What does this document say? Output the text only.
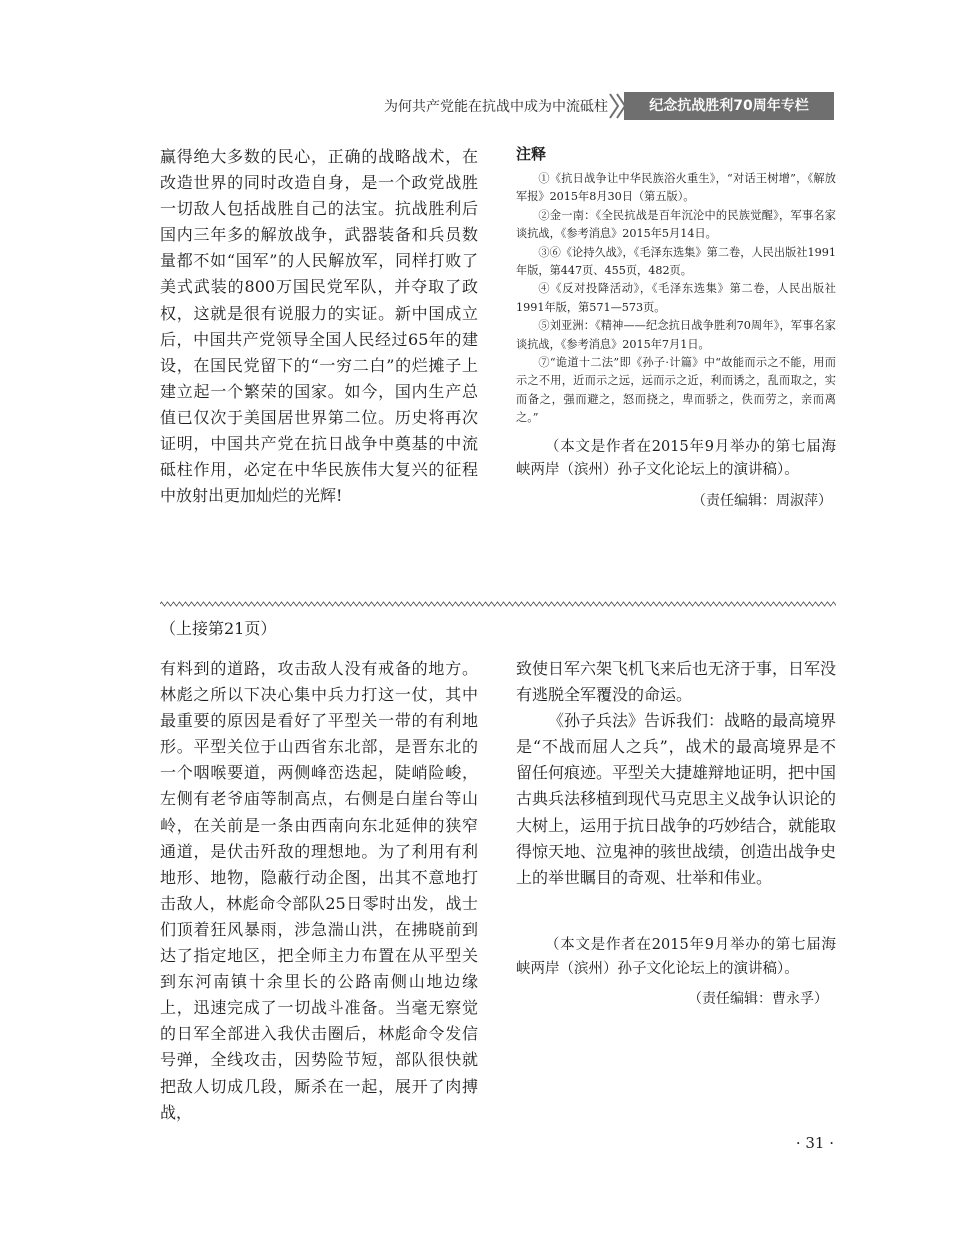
为何共产党能在抗战中成为中流砥柱	纪念抗战胜利70周年专栏

赢得绝大多数的民心，正确的战略战术，在改造世界的同时改造自身，是一个政党战胜一切敌人包括战胜自己的法宝。抗战胜利后国内三年多的解放战争，武器装备和兵员数量都不如“国军”的人民解放军，同样打败了美式武装的800万国民党军队，并夺取了政权，这就是很有说服力的实证。新中国成立后，中国共产党领导全国人民经过65年的建设，在国民党留下的“一穷二白”的烂摊子上建立起一个繁荣的国家。如今，国内生产总值已仅次于美国居世界第二位。历史将再次证明，中国共产党在抗日战争中奠基的中流砥柱作用，必定在中华民族伟大复兴的征程中放射出更加灿烂的光辉!

注释

①《抗日战争让中华民族浴火重生》，“对话王树增”，《解放军报》2015年8月30日（第五版）。

②金一南：《全民抗战是百年沉沦中的民族觉醒》，军事名家谈抗战，《参考消息》2015年5月14日。

③⑥《论持久战》，《毛泽东选集》第二卷，人民出版社1991年版，第447页、455页，482页。

④《反对投降活动》，《毛泽东选集》第二卷，人民出版社1991年版，第571—573页。

⑤刘亚洲：《精神——纪念抗日战争胜利70周年》，军事名家谈抗战，《参考消息》2015年7月1日。

⑦“诡道十二法”即《孙子·计篇》中“故能而示之不能，用而示之不用，近而示之远，远而示之近，利而诱之，乱而取之，实而备之，强而避之，怒而挠之，卑而骄之，佚而劳之，亲而离之。”

（本文是作者在2015年9月举办的第七届海峡两岸（滨州）孙子文化论坛上的演讲稿）。

（责任编辑：周淑萍）

（上接第21页）

有料到的道路，攻击敌人没有戒备的地方。林彪之所以下决心集中兵力打这一仗，其中最重要的原因是看好了平型关一带的有利地形。平型关位于山西省东北部，是晋东北的一个咽喉要道，两侧峰峦迭起，陡峭险峻，左侧有老爷庙等制高点，右侧是白崖台等山岭，在关前是一条由西南向东北延伸的狭窄通道，是伏击歼敌的理想地。为了利用有利地形、地物，隐蔽行动企图，出其不意地打击敌人，林彪命令部队25日零时出发，战士们顶着狂风暴雨，涉急湍山洪，在拂晓前到达了指定地区，把全师主力布置在从平型关到东河南镇十余里长的公路南侧山地边缘上，迅速完成了一切战斗准备。当毫无察觉的日军全部进入我伏击圈后，林彪命令发信号弹，全线攻击，因势险节短，部队很快就把敌人切成几段，厮杀在一起，展开了肉搏战，

致使日军六架飞机飞来后也无济于事，日军没有逃脱全军覆没的命运。

《孙子兵法》告诉我们：战略的最高境界是“不战而屈人之兵”，战术的最高境界是不留任何痕迹。平型关大捷雄辩地证明，把中国古典兵法移植到现代马克思主义战争认识论的大树上，运用于抗日战争的巧妙结合，就能取得惊天地、泣鬼神的骇世战绩，创造出战争史上的举世瞩目的奇观、壮举和伟业。

（本文是作者在2015年9月举办的第七届海峡两岸（滨州）孙子文化论坛上的演讲稿）。

（责任编辑：曹永孚）

· 31 ·
